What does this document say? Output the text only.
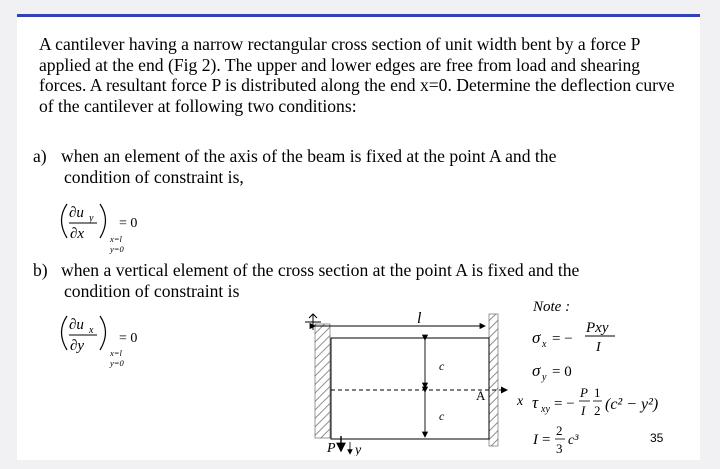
A cantilever having a narrow rectangular cross section of unit width bent by a force P applied at the end (Fig 2). The upper and lower edges are free from load and shearing forces. A resultant force P is distributed along the end x=0. Determine the deflection curve of the cantilever at following two conditions:
a) when an element of the axis of the beam is fixed at the point A and the
condition of constraint is,
∂u y
∂x
= 0
x=l
y=0
b) when a vertical element of the cross section at the point A is fixed and the
condition of constraint is
∂u x
∂y = 0
x=l
y=0
l
c
c
A x
P y
Note :
σ x = −
Pxy
I
σ y = 0
τ xy = −
P
I
1
2 (c² − y²)
I =
2
3
c³	35
